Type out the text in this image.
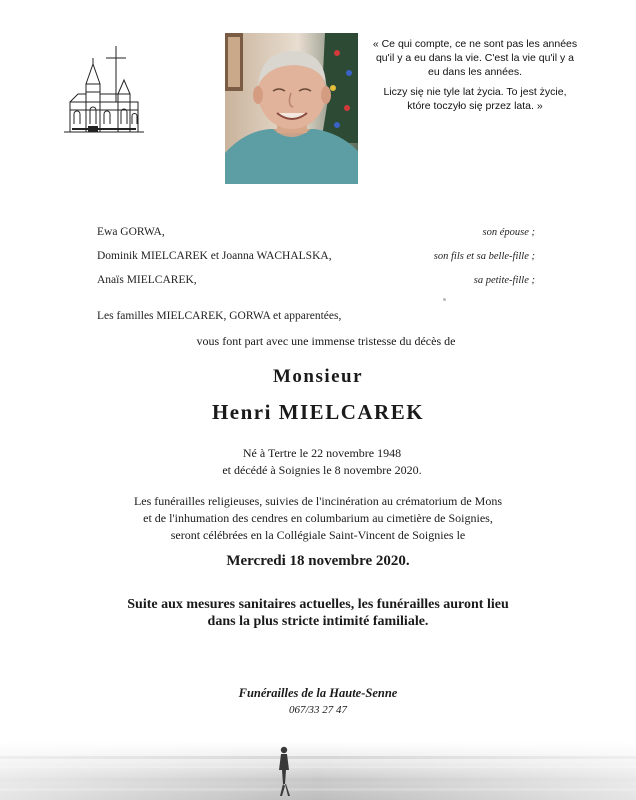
« Ce qui compte, ce ne sont pas les années qu'il y a eu dans la vie. C'est la vie qu'il y a eu dans les années.
Liczy się nie tyle lat życia. To jest życie, które toczyło się przez lata. »
Ewa GORWA,	son épouse ;
Dominik MIELCAREK et Joanna WACHALSKA,	son fils et sa belle-fille ;
Anaïs MIELCAREK,	sa petite-fille ;
Les familles MIELCAREK, GORWA et apparentées,
vous font part avec une immense tristesse du décès de
Monsieur
Henri MIELCAREK
Né à Tertre le 22 novembre 1948
et décédé à Soignies le 8 novembre 2020.
Les funérailles religieuses, suivies de l'incinération au crématorium de Mons
et de l'inhumation des cendres en columbarium au cimetière de Soignies,
seront célébrées en la Collégiale Saint-Vincent de Soignies le
Mercredi 18 novembre 2020.
Suite aux mesures sanitaires actuelles, les funérailles auront lieu
dans la plus stricte intimité familiale.
Funérailles de la Haute-Senne
067/33 27 47
